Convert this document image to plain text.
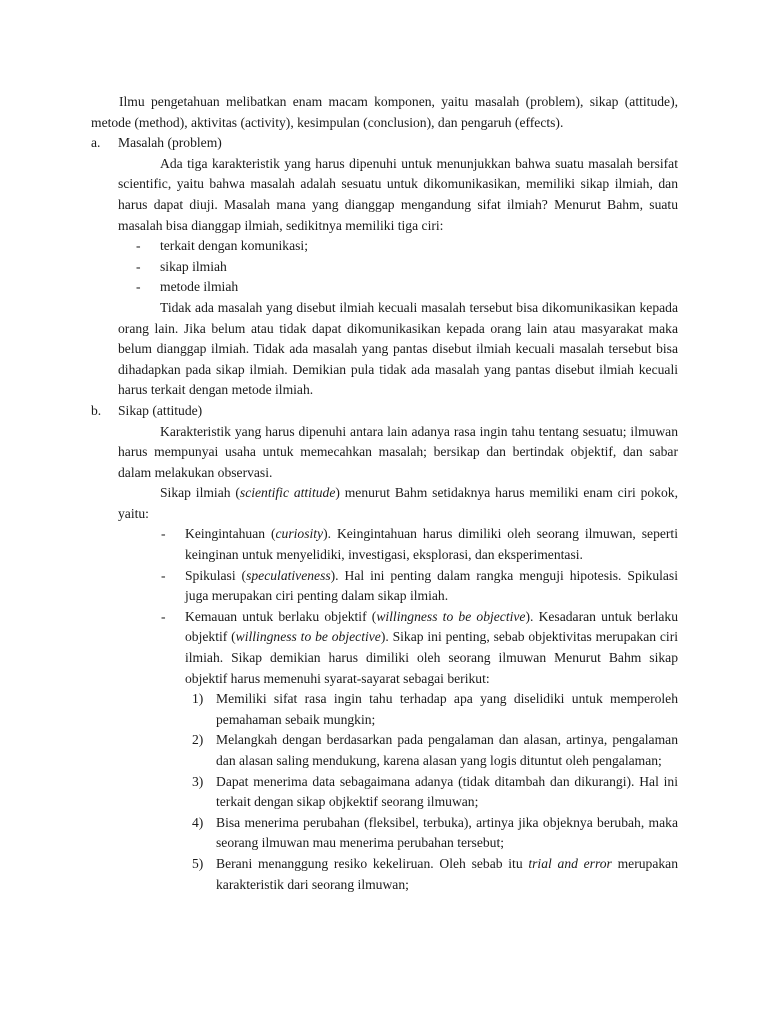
Ilmu pengetahuan melibatkan enam macam komponen, yaitu masalah (problem), sikap (attitude), metode (method), aktivitas (activity), kesimpulan (conclusion), dan pengaruh (effects).

a.	Masalah (problem)

Ada tiga karakteristik yang harus dipenuhi untuk menunjukkan bahwa suatu masalah bersifat scientific, yaitu bahwa masalah adalah sesuatu untuk dikomunikasikan, memiliki sikap ilmiah, dan harus dapat diuji. Masalah mana yang dianggap mengandung sifat ilmiah? Menurut Bahm, suatu masalah bisa dianggap ilmiah, sedikitnya memiliki tiga ciri:

-	terkait dengan komunikasi;
-	sikap ilmiah
-	metode ilmiah

Tidak ada masalah yang disebut ilmiah kecuali masalah tersebut bisa dikomunikasikan kepada orang lain. Jika belum atau tidak dapat dikomunikasikan kepada orang lain atau masyarakat maka belum dianggap ilmiah. Tidak ada masalah yang pantas disebut ilmiah kecuali masalah tersebut bisa dihadapkan pada sikap ilmiah. Demikian pula tidak ada masalah yang pantas disebut ilmiah kecuali harus terkait dengan metode ilmiah.

b.	Sikap (attitude)

Karakteristik yang harus dipenuhi antara lain adanya rasa ingin tahu tentang sesuatu; ilmuwan harus mempunyai usaha untuk memecahkan masalah; bersikap dan bertindak objektif, dan sabar dalam melakukan observasi.

Sikap ilmiah (scientific attitude) menurut Bahm setidaknya harus memiliki enam ciri pokok, yaitu:

-	Keingintahuan (curiosity). Keingintahuan harus dimiliki oleh seorang ilmuwan, seperti keinginan untuk menyelidiki, investigasi, eksplorasi, dan eksperimentasi.

-	Spikulasi (speculativeness). Hal ini penting dalam rangka menguji hipotesis. Spikulasi juga merupakan ciri penting dalam sikap ilmiah.

-	Kemauan untuk berlaku objektif (willingness to be objective). Kesadaran untuk berlaku objektif (willingness to be objective). Sikap ini penting, sebab objektivitas merupakan ciri ilmiah. Sikap demikian harus dimiliki oleh seorang ilmuwan Menurut Bahm sikap objektif harus memenuhi syarat-sayarat sebagai berikut:

1) Memiliki sifat rasa ingin tahu terhadap apa yang diselidiki untuk memperoleh pemahaman sebaik mungkin;

2) Melangkah dengan berdasarkan pada pengalaman dan alasan, artinya, pengalaman dan alasan saling mendukung, karena alasan yang logis dituntut oleh pengalaman;

3) Dapat menerima data sebagaimana adanya (tidak ditambah dan dikurangi). Hal ini terkait dengan sikap objkektif seorang ilmuwan;

4) Bisa menerima perubahan (fleksibel, terbuka), artinya jika objeknya berubah, maka seorang ilmuwan mau menerima perubahan tersebut;

5) Berani menanggung resiko kekeliruan. Oleh sebab itu trial and error merupakan karakteristik dari seorang ilmuwan;
